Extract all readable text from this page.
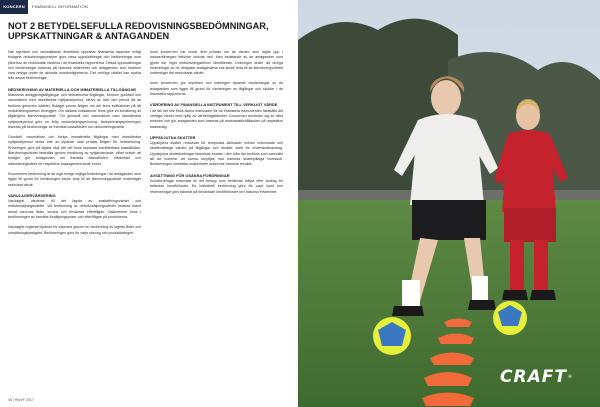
KONCERN	FINANSIELL INFORMATION
NOT 2 BETYDELSEFULLA REDOVISNINGSBEDÖMNINGAR, UPPSKATTNINGAR & ANTAGANDEN

När styrelsen och verkställande direktören upprättar finansiella rapporter enligt bolagets redovisningsprinciper görs vissa uppskattningar och bedömningar som påverkar de redovisade värdena i de finansiella rapporterna. Dessa uppskattningar och bedömningar baseras på historisk erfarenhet och antaganden som bedöms vara rimliga under de aktuella omständigheterna. Det verkliga utfallet kan avvika från dessa bedömningar.

NEDSKRIVNING AV MATERIELLA OCH IMMATERIELLA TILLGÅNGAR

Materiella anläggningstillgångar och immateriella tillgångar, förutom goodwill och varumärken med obestämbar nyttjandeperiod, skrivs av över den period då de bedöms generera intäkter. Bolaget prövar årligen om det finns indikationer på att nedskrivningsbehov föreligger. Om sådana indikationer finns görs en beräkning av tillgångens återvinningsvärde. För goodwill och varumärken med obestämbar nyttjandeperiod görs en årlig nedskrivningsprövning. Nedskrivningsprövningen baseras på bedömningar av framtida kassaflöden och diskonteringsränta.

Goodwill, varumärken och övriga immateriella tillgångar med obestämbar nyttjandeperiod skrivs inte av löpande utan prövas årligen för nedskrivning. Prövningen görs på lägsta nivå där det finns separata identifierbara kassaflöden. Återvinningsvärdet fastställs genom beräkning av nyttjandevärde, vilket kräver att bolaget gör antaganden om framtida kassaflöden, tillväxttakt och diskonteringsränta för respektive kassagenererande enhet.

Koncernens bedömning är att inga rimligt möjliga förändringar i de antaganden som ligger till grund för beräkningen skulle leda till att återvinningsvärdet understiger redovisat värde.

VARULAGERVÄRDERING

Varulagret värderas till det lägsta av anskaffningsvärdet och nettoförsäljningsvärdet. Vid bedömning av nettoförsäljningsvärdet beaktas bland annat varornas ålder, kurans och förväntad efterfrågan. Osäkerheter finns i bedömningen av framtida försäljningspriser och efterfrågan på produkterna.

Varulagret regleras löpande för inkurans genom en bedömning av lagrets ålder och omsättningshastighet. Bedömningen görs för varje säsong och produktkategori.

Inom koncernen har under året prövats om de värden som tagits upp i balansräkningen behöver skrivas ned. Med beaktande av de antaganden som gjorts har inget nedskrivningsbehov identifierats. Ledningen anser att rimliga förändringar av de viktigaste antagandena inte skulle leda till att återvinningsvärdet understiger det redovisade värdet.

Inom koncernen gör styrelsen och ledningen löpande bedömningar av de antaganden som ligger till grund för värderingen av tillgångar och skulder i de finansiella rapporterna.

VÄRDERING AV FINANSIELLA INSTRUMENT TILL VERKLIGT VÄRDE

I de fall det inte finns aktiva marknader för de finansiella instrumenten fastställs det verkliga värdet med hjälp av värderingstekniker. Koncernen använder sig av olika metoder och gör antaganden som baseras på marknadsförhållanden på respektive balansdag.

UPPSKJUTNA SKATTER

Uppskjutna skatter redovisas för temporära skillnader mellan redovisade och skattemässiga värden på tillgångar och skulder samt för underskottsavdrag. Uppskjutna skattefordringar redovisas endast i den mån det bedöms som sannolikt att de kommer att kunna utnyttjas mot framtida skattepliktiga överskott. Bedömningen innefattar osäkerheter avseende framtida resultat.

AVSÄTTNING FÖR OSÄKRA FORDRINGAR

Kundfordringar redovisas till det belopp som beräknas inflyta efter avdrag för befarade kundförluster. En individuell bedömning görs för varje kund och reserveringar görs baserat på förväntade kreditförluster och historisk erfarenhet.

46 | HWVF 2017
CRAFT®
